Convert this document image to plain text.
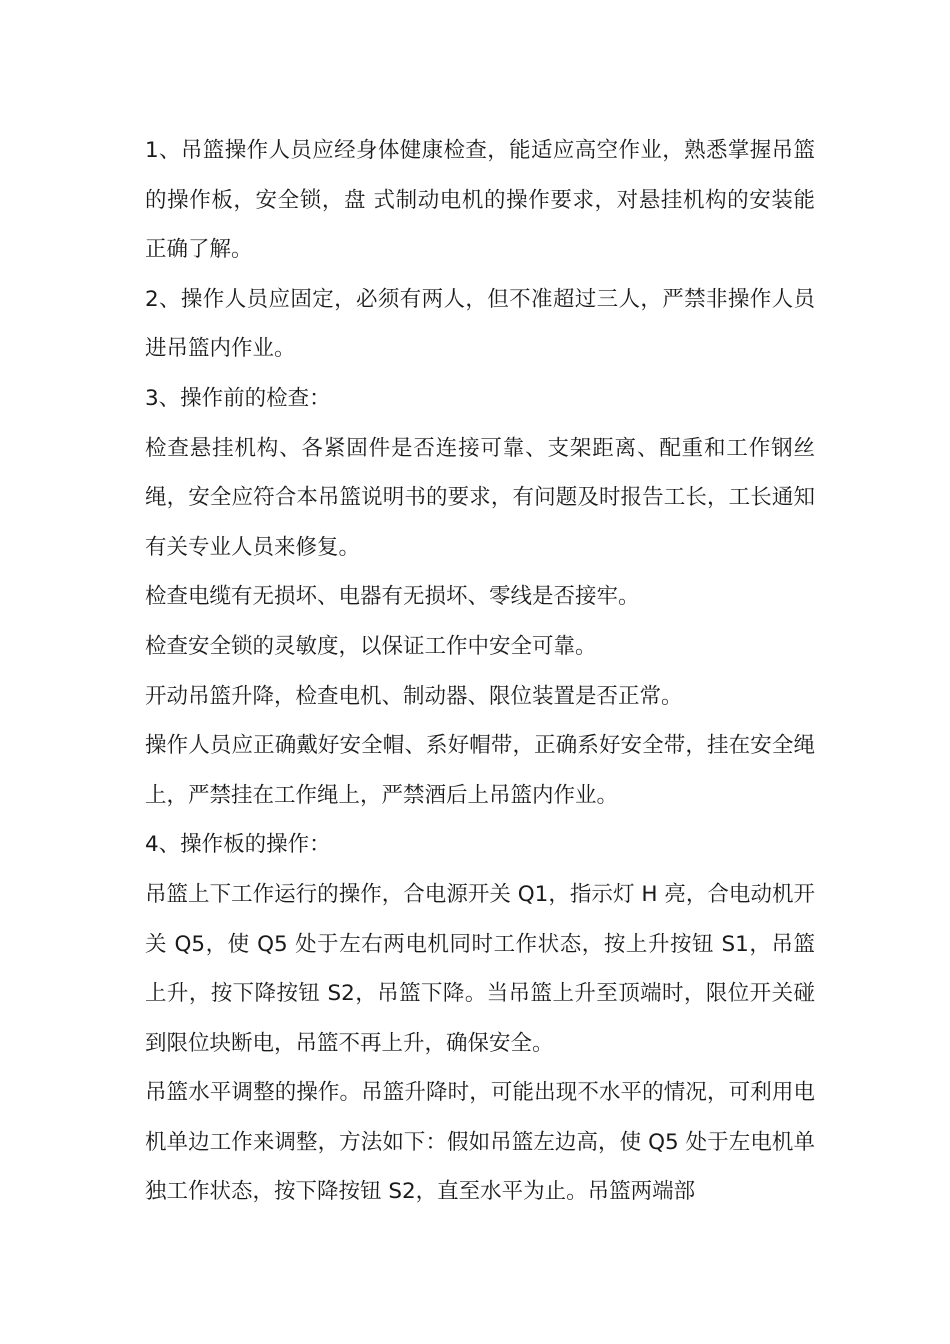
1、吊篮操作人员应经身体健康检查，能适应高空作业，熟悉掌握吊篮的操作板，安全锁，盘 式制动电机的操作要求，对悬挂机构的安装能正确了解。

2、操作人员应固定，必须有两人，但不准超过三人，严禁非操作人员进吊篮内作业。

3、操作前的检查：

检查悬挂机构、各紧固件是否连接可靠、支架距离、配重和工作钢丝绳，安全应符合本吊篮说明书的要求，有问题及时报告工长，工长通知有关专业人员来修复。

检查电缆有无损坏、电器有无损坏、零线是否接牢。

检查安全锁的灵敏度，以保证工作中安全可靠。

开动吊篮升降，检查电机、制动器、限位装置是否正常。

操作人员应正确戴好安全帽、系好帽带，正确系好安全带，挂在安全绳上，严禁挂在工作绳上，严禁酒后上吊篮内作业。

4、操作板的操作：

吊篮上下工作运行的操作，合电源开关 Q1，指示灯 H 亮，合电动机开关 Q5，使 Q5 处于左右两电机同时工作状态，按上升按钮 S1，吊篮上升，按下降按钮 S2，吊篮下降。当吊篮上升至顶端时，限位开关碰到限位块断电，吊篮不再上升，确保安全。

吊篮水平调整的操作。吊篮升降时，可能出现不水平的情况，可利用电机单边工作来调整，方法如下：假如吊篮左边高，使 Q5 处于左电机单独工作状态，按下降按钮 S2，直至水平为止。吊篮两端部
